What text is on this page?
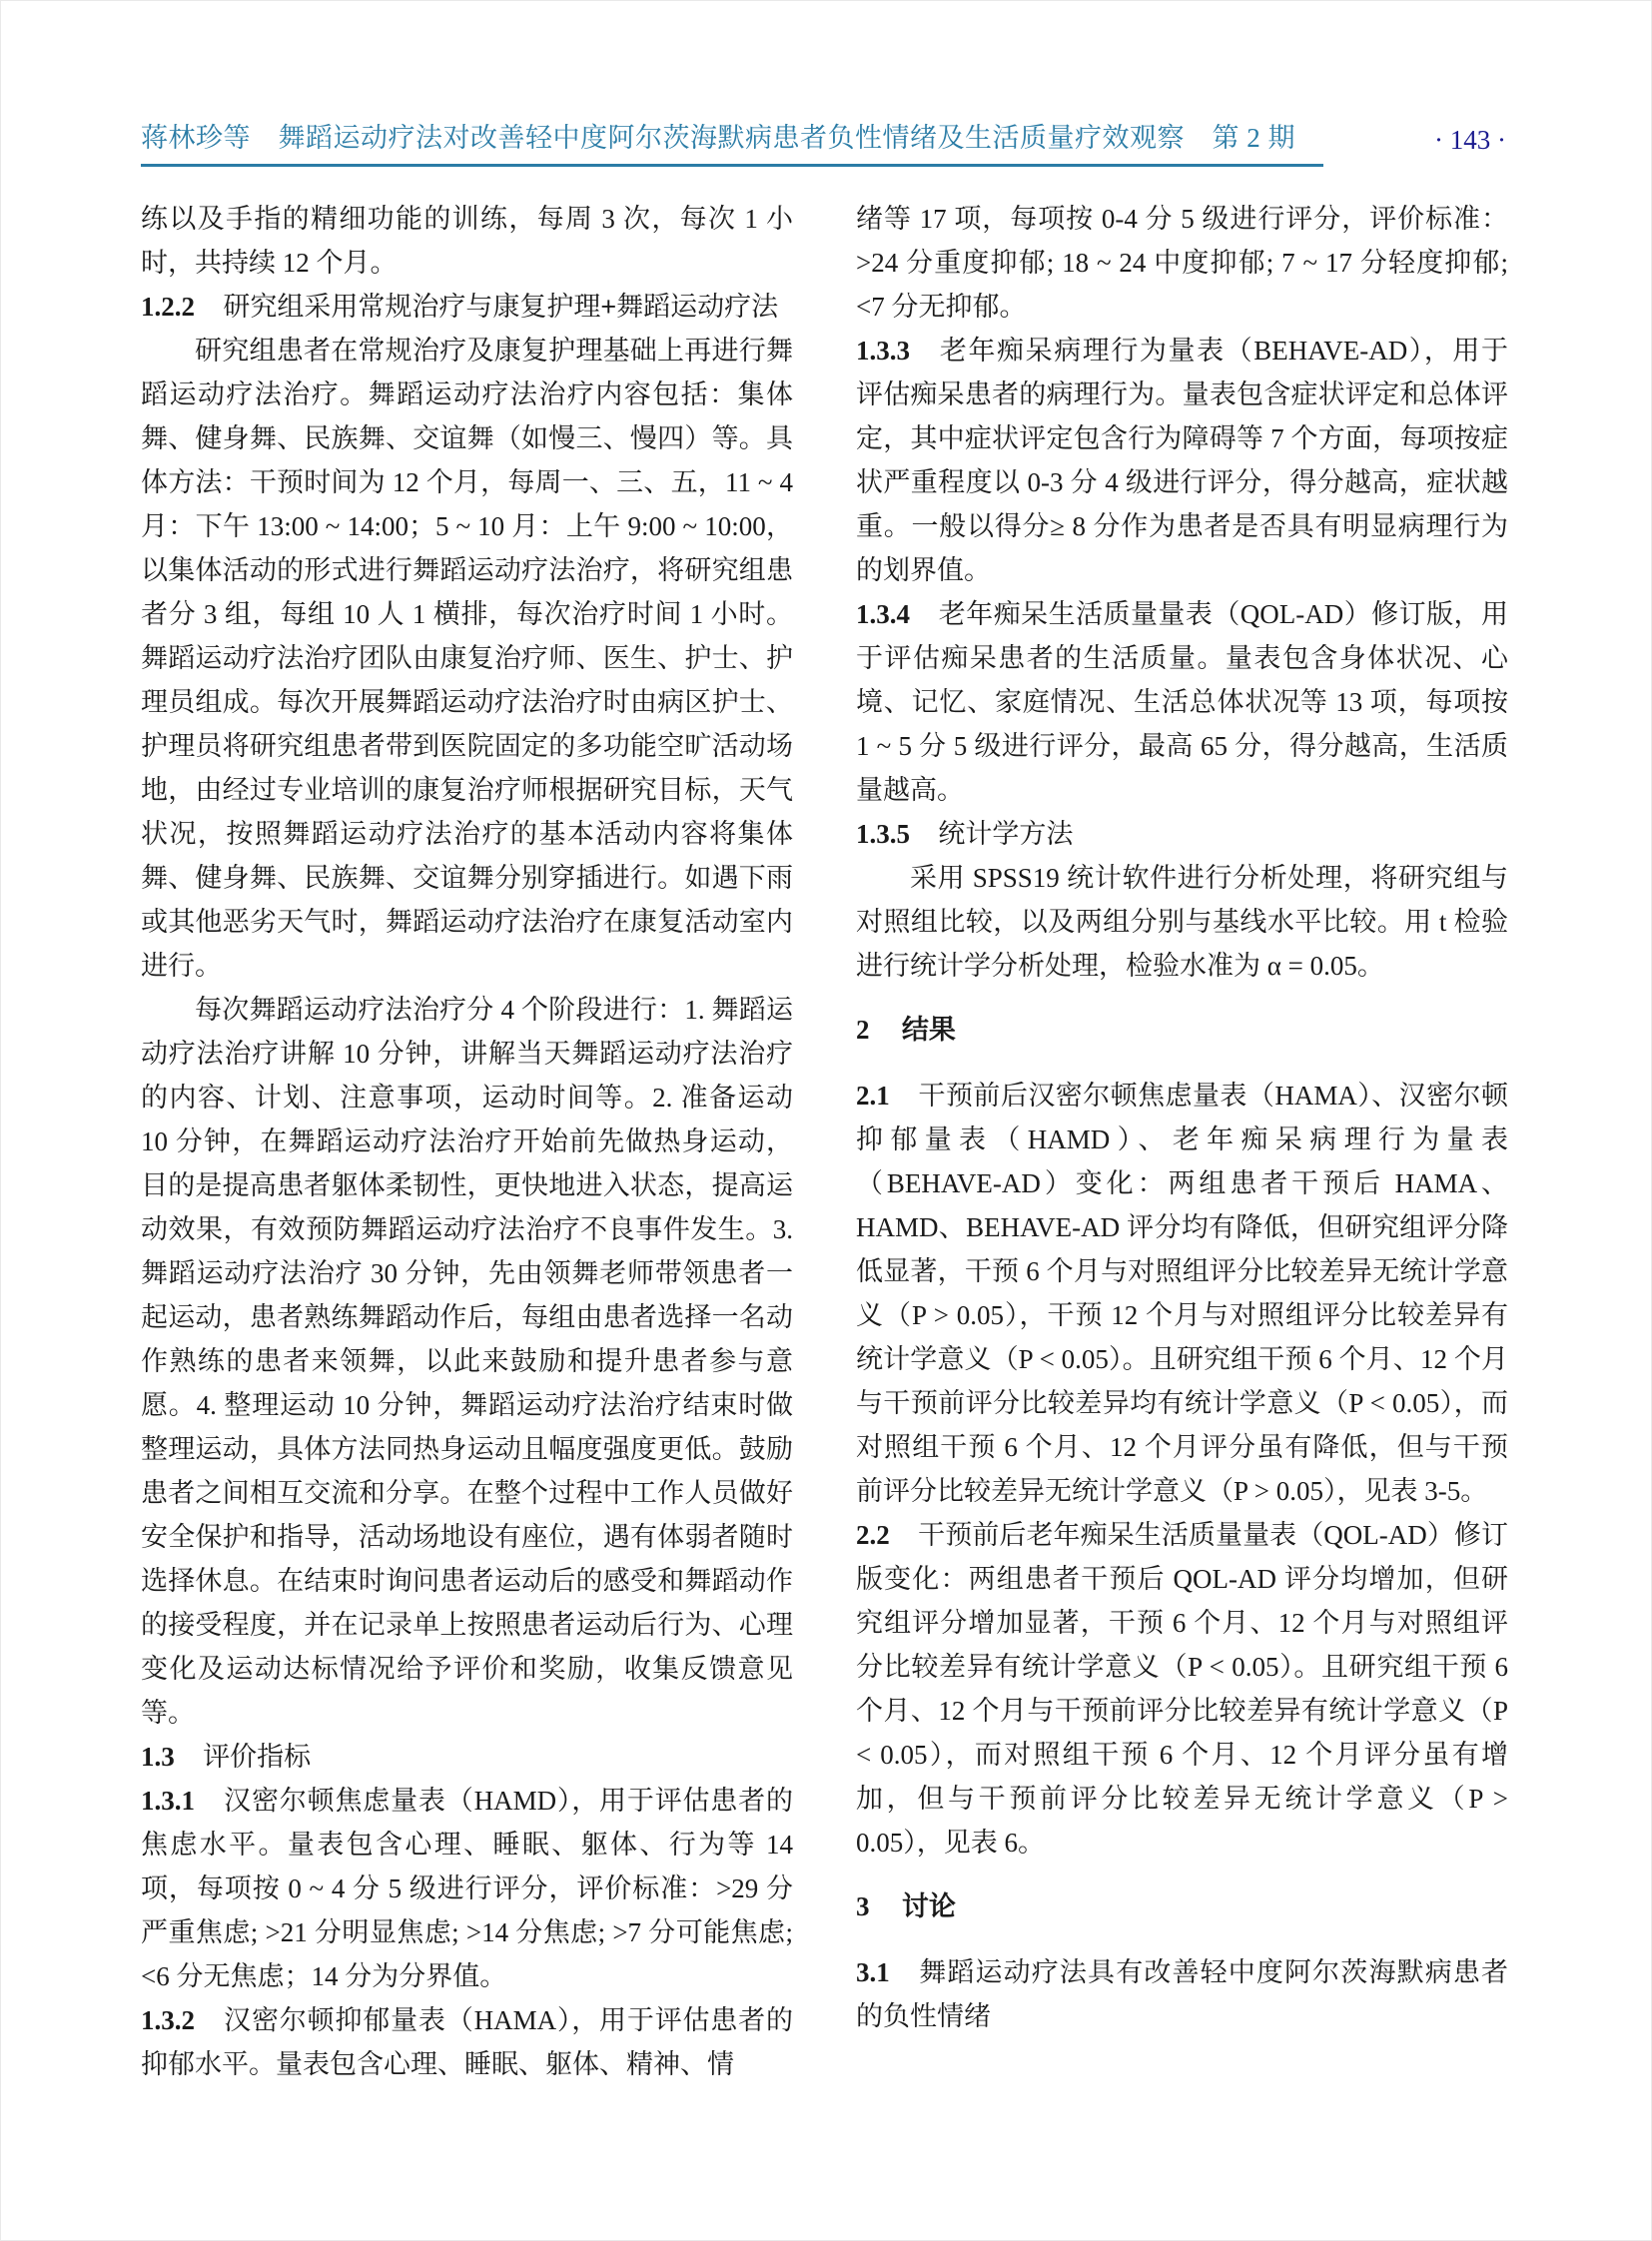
蒋林珍等　舞蹈运动疗法对改善轻中度阿尔茨海默病患者负性情绪及生活质量疗效观察　第 2 期	· 143 ·
练以及手指的精细功能的训练，每周 3 次，每次 1 小时，共持续 12 个月。
1.2.2 研究组采用常规治疗与康复护理+舞蹈运动疗法
研究组患者在常规治疗及康复护理基础上再进行舞蹈运动疗法治疗。舞蹈运动疗法治疗内容包括：集体舞、健身舞、民族舞、交谊舞（如慢三、慢四）等。具体方法：干预时间为 12 个月，每周一、三、五，11 ~ 4 月：下午 13:00 ~ 14:00；5 ~ 10 月：上午 9:00 ~ 10:00，以集体活动的形式进行舞蹈运动疗法治疗，将研究组患者分 3 组，每组 10 人 1 横排，每次治疗时间 1 小时。舞蹈运动疗法治疗团队由康复治疗师、医生、护士、护理员组成。每次开展舞蹈运动疗法治疗时由病区护士、护理员将研究组患者带到医院固定的多功能空旷活动场地，由经过专业培训的康复治疗师根据研究目标，天气状况，按照舞蹈运动疗法治疗的基本活动内容将集体舞、健身舞、民族舞、交谊舞分别穿插进行。如遇下雨或其他恶劣天气时，舞蹈运动疗法治疗在康复活动室内进行。
每次舞蹈运动疗法治疗分 4 个阶段进行：1. 舞蹈运动疗法治疗讲解 10 分钟，讲解当天舞蹈运动疗法治疗的内容、计划、注意事项，运动时间等。2. 准备运动 10 分钟，在舞蹈运动疗法治疗开始前先做热身运动，目的是提高患者躯体柔韧性，更快地进入状态，提高运动效果，有效预防舞蹈运动疗法治疗不良事件发生。3. 舞蹈运动疗法治疗 30 分钟，先由领舞老师带领患者一起运动，患者熟练舞蹈动作后，每组由患者选择一名动作熟练的患者来领舞，以此来鼓励和提升患者参与意愿。4. 整理运动 10 分钟，舞蹈运动疗法治疗结束时做整理运动，具体方法同热身运动且幅度强度更低。鼓励患者之间相互交流和分享。在整个过程中工作人员做好安全保护和指导，活动场地设有座位，遇有体弱者随时选择休息。在结束时询问患者运动后的感受和舞蹈动作的接受程度，并在记录单上按照患者运动后行为、心理变化及运动达标情况给予评价和奖励，收集反馈意见等。
1.3 评价指标
1.3.1 汉密尔顿焦虑量表（HAMD），用于评估患者的焦虑水平。量表包含心理、睡眠、躯体、行为等 14 项，每项按 0 ~ 4 分 5 级进行评分，评价标准：>29 分严重焦虑; >21 分明显焦虑; >14 分焦虑; >7 分可能焦虑; <6 分无焦虑；14 分为分界值。
1.3.2 汉密尔顿抑郁量表（HAMA），用于评估患者的抑郁水平。量表包含心理、睡眠、躯体、精神、情
绪等 17 项，每项按 0-4 分 5 级进行评分，评价标准：>24 分重度抑郁; 18 ~ 24 中度抑郁; 7 ~ 17 分轻度抑郁; <7 分无抑郁。
1.3.3 老年痴呆病理行为量表（BEHAVE-AD），用于评估痴呆患者的病理行为。量表包含症状评定和总体评定，其中症状评定包含行为障碍等 7 个方面，每项按症状严重程度以 0-3 分 4 级进行评分，得分越高，症状越重。一般以得分≥ 8 分作为患者是否具有明显病理行为的划界值。
1.3.4 老年痴呆生活质量量表（QOL-AD）修订版，用于评估痴呆患者的生活质量。量表包含身体状况、心境、记忆、家庭情况、生活总体状况等 13 项，每项按 1 ~ 5 分 5 级进行评分，最高 65 分，得分越高，生活质量越高。
1.3.5 统计学方法
采用 SPSS19 统计软件进行分析处理，将研究组与对照组比较，以及两组分别与基线水平比较。用 t 检验进行统计学分析处理，检验水准为 α = 0.05。
2 结果
2.1 干预前后汉密尔顿焦虑量表（HAMA）、汉密尔顿抑郁量表（HAMD）、老年痴呆病理行为量表（BEHAVE-AD）变化：两组患者干预后 HAMA、HAMD、BEHAVE-AD 评分均有降低，但研究组评分降低显著，干预 6 个月与对照组评分比较差异无统计学意义（P > 0.05），干预 12 个月与对照组评分比较差异有统计学意义（P < 0.05）。且研究组干预 6 个月、12 个月与干预前评分比较差异均有统计学意义（P < 0.05），而对照组干预 6 个月、12 个月评分虽有降低，但与干预前评分比较差异无统计学意义（P > 0.05），见表 3-5。
2.2 干预前后老年痴呆生活质量量表（QOL-AD）修订版变化：两组患者干预后 QOL-AD 评分均增加，但研究组评分增加显著，干预 6 个月、12 个月与对照组评分比较差异有统计学意义（P < 0.05）。且研究组干预 6 个月、12 个月与干预前评分比较差异有统计学意义（P < 0.05），而对照组干预 6 个月、12 个月评分虽有增加，但与干预前评分比较差异无统计学意义（P > 0.05），见表 6。
3 讨论
3.1 舞蹈运动疗法具有改善轻中度阿尔茨海默病患者的负性情绪
